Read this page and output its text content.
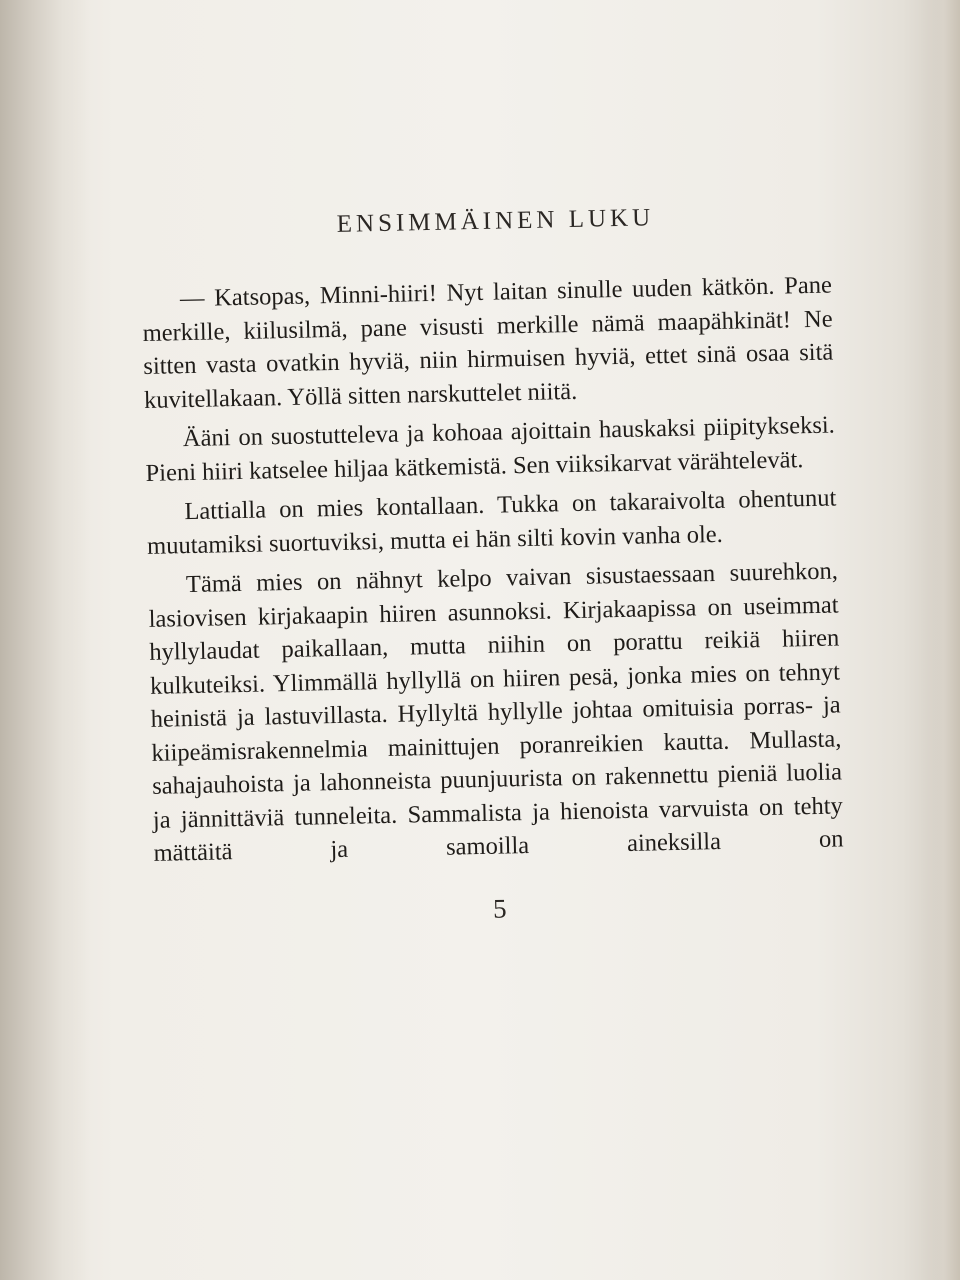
ENSIMMÄINEN LUKU

— Katsopas, Minni-hiiri! Nyt laitan sinulle uuden kätkön. Pane merkille, kiilusilmä, pane visusti merkille nämä maapähkinät! Ne sitten vasta ovatkin hyviä, niin hirmuisen hyviä, ettet sinä osaa sitä kuvitellakaan. Yöllä sitten narskuttelet niitä.

Ääni on suostutteleva ja kohoaa ajoittain hauskaksi piipitykseksi. Pieni hiiri katselee hiljaa kätkemistä. Sen viiksikarvat värähtelevät.

Lattialla on mies kontallaan. Tukka on takaraivolta ohentunut muutamiksi suortuviksi, mutta ei hän silti kovin vanha ole.

Tämä mies on nähnyt kelpo vaivan sisustaessaan suurehkon, lasiovisen kirjakaapin hiiren asunnoksi. Kirjakaapissa on useimmat hyllylaudat paikallaan, mutta niihin on porattu reikiä hiiren kulkuteiksi. Ylimmällä hyllyllä on hiiren pesä, jonka mies on tehnyt heinistä ja lastuvillasta. Hyllyltä hyllylle johtaa omituisia porras- ja kiipeämisrakennelmia mainittujen poranreikien kautta. Mullasta, sahajauhoista ja lahonneista puunjuurista on rakennettu pieniä luolia ja jännittäviä tunneleita. Sammalista ja hienoista varvuista on tehty mättäitä ja samoilla aineksilla on

5
